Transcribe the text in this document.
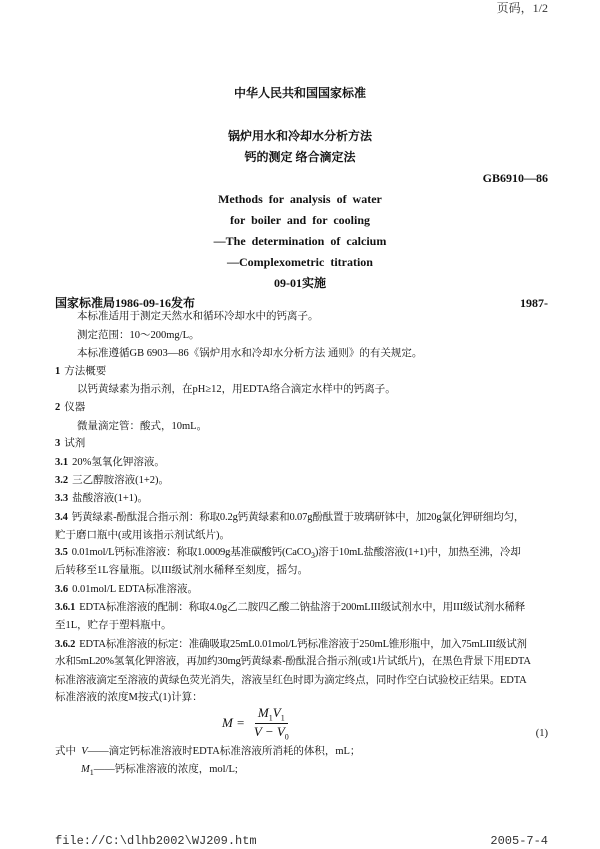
页码，1/2
中华人民共和国国家标准
锅炉用水和冷却水分析方法
钙的测定 络合滴定法
GB6910—86
Methods for analysis of water
for boiler and for cooling
—The determination of calcium
—Complexometric titration
国家标准局1986-09-16发布	1987-
09-01实施
本标准适用于测定天然水和循环冷却水中的钙离子。
测定范围：10～200mg/L。
本标准遵循GB 6903—86《锅炉用水和冷却水分析方法 通则》的有关规定。
1 方法概要
以钙黄绿素为指示剂，在pH≥12，用EDTA络合滴定水样中的钙离子。
2 仪器
微量滴定管：酸式，10mL。
3 试剂
3.1 20%氢氧化钾溶液。
3.2 三乙醇胺溶液(1+2)。
3.3 盐酸溶液(1+1)。
3.4 钙黄绿素-酚酞混合指示剂：称取0.2g钙黄绿素和0.07g酚酞置于玻璃研钵中，加20g氯化钾研细均匀，
贮于磨口瓶中(或用该指示剂试纸片)。
3.5 0.01mol/L钙标准溶液：称取1.0009g基准碳酸钙(CaCO$_3$)溶于10mL盐酸溶液(1+1)中，加热至沸，冷却
后转移至1L容量瓶。以III级试剂水稀释至刻度，摇匀。
3.6 0.01mol/L EDTA标准溶液。
3.6.1 EDTA标准溶液的配制：称取4.0g乙二胺四乙酸二钠盐溶于200mLIII级试剂水中，用III级试剂水稀释
至1L，贮存于塑料瓶中。
3.6.2 EDTA标准溶液的标定：准确吸取25mL0.01mol/L钙标准溶液于250mL锥形瓶中，加入75mLIII级试剂
水和5mL20%氢氧化钾溶液，再加约30mg钙黄绿素-酚酞混合指示剂(或1片试纸片)，在黑色背景下用EDTA
标准溶液滴定至溶液的黄绿色荧光消失，溶液呈红色时即为滴定终点，同时作空白试验校正结果。EDTA
标准溶液的浓度M按式(1)计算：
$M = \frac{M_1V_1}{V - V_0}$	(1)
式中 V——滴定钙标准溶液时EDTA标准溶液所消耗的体积，mL；
$M_1——$钙标准溶液的浓度，mol/L;
file://C:\dlhb2002\WJ209.htm	2005-7-4
